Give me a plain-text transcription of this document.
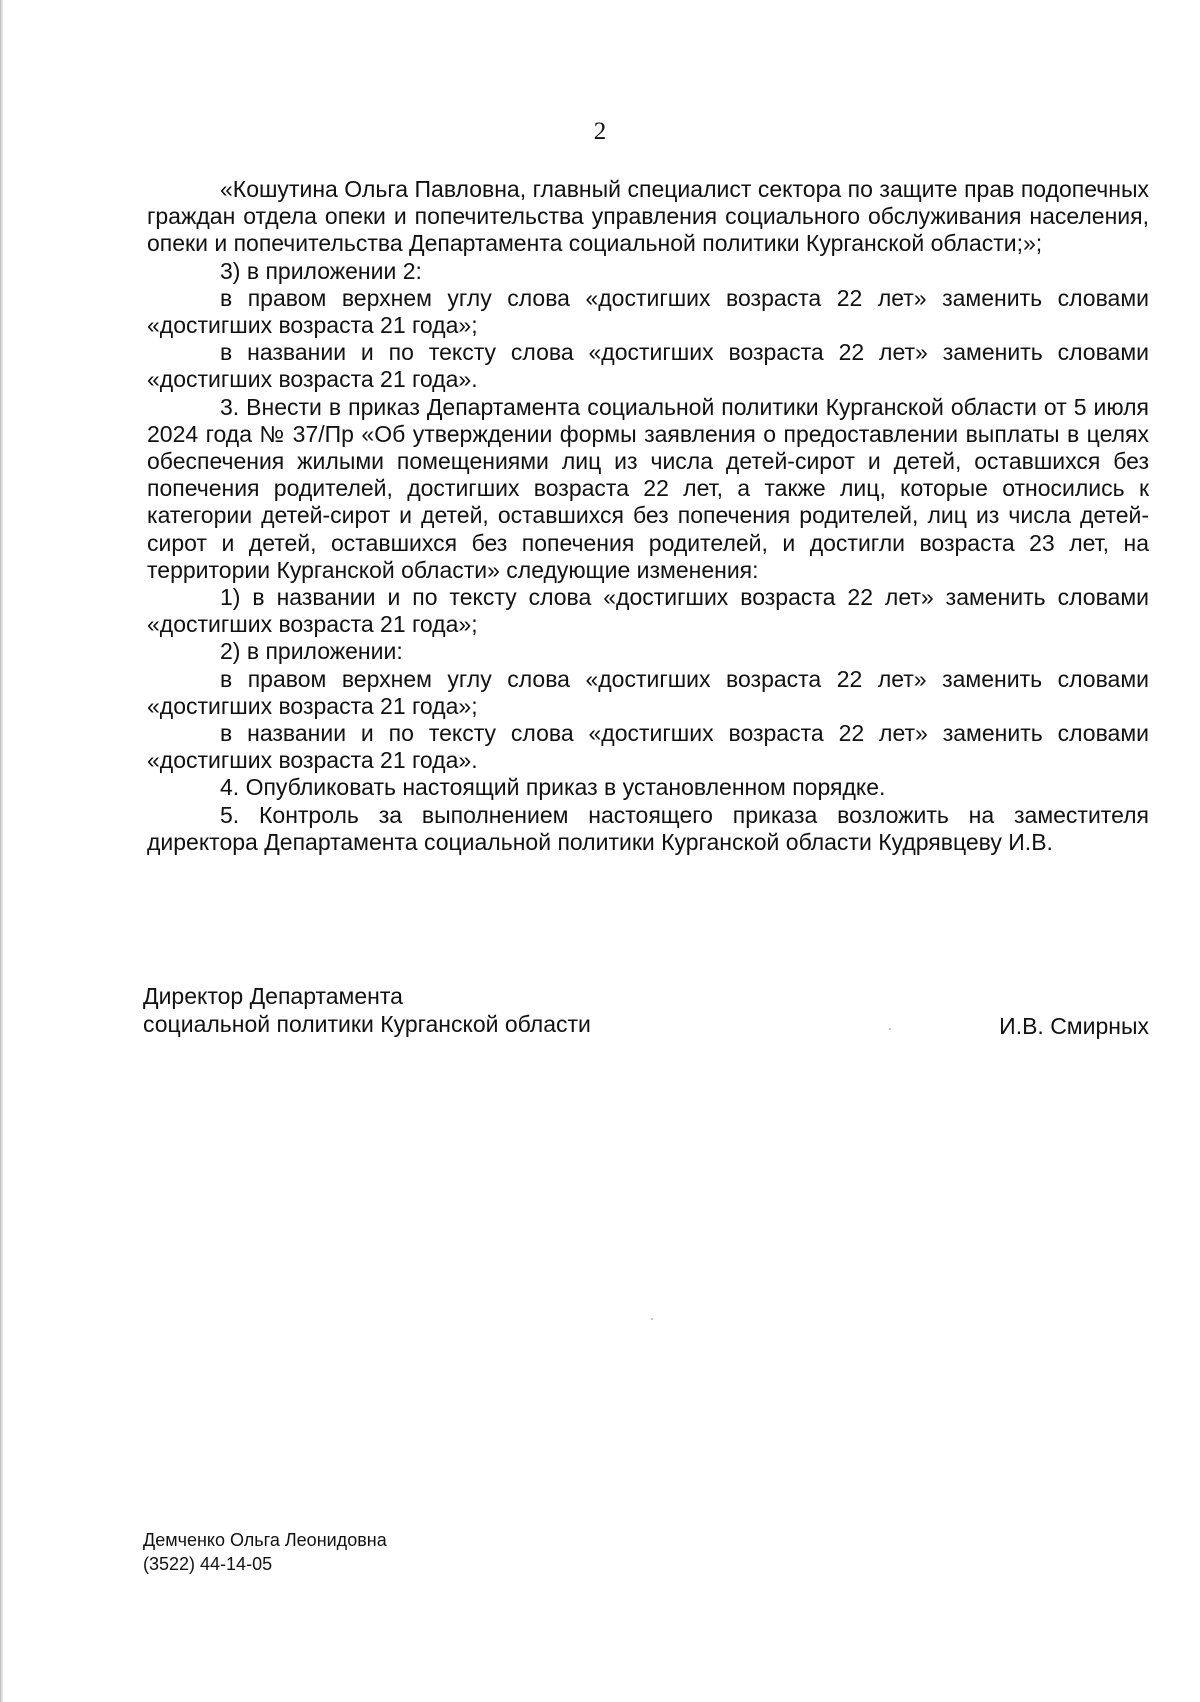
2

«Кошутина Ольга Павловна, главный специалист сектора по защите прав подопечных граждан отдела опеки и попечительства управления социального обслуживания населения, опеки и попечительства Департамента социальной политики Курганской области;»;

3) в приложении 2:

в правом верхнем углу слова «достигших возраста 22 лет» заменить словами «достигших возраста 21 года»;

в названии и по тексту слова «достигших возраста 22 лет» заменить словами «достигших возраста 21 года».

3. Внести в приказ Департамента социальной политики Курганской области от 5 июля 2024 года № 37/Пр «Об утверждении формы заявления о предоставлении выплаты в целях обеспечения жилыми помещениями лиц из числа детей-сирот и детей, оставшихся без попечения родителей, достигших возраста 22 лет, а также лиц, которые относились к категории детей-сирот и детей, оставшихся без попечения родителей, лиц из числа детей-сирот и детей, оставшихся без попечения родителей, и достигли возраста 23 лет, на территории Курганской области» следующие изменения:

1) в названии и по тексту слова «достигших возраста 22 лет» заменить словами «достигших возраста 21 года»;

2) в приложении:

в правом верхнем углу слова «достигших возраста 22 лет» заменить словами «достигших возраста 21 года»;

в названии и по тексту слова «достигших возраста 22 лет» заменить словами «достигших возраста 21 года».

4. Опубликовать настоящий приказ в установленном порядке.

5. Контроль за выполнением настоящего приказа возложить на заместителя директора Департамента социальной политики Курганской области Кудрявцеву И.В.

Директор Департамента
социальной политики Курганской области	И.В. Смирных
Демченко Ольга Леонидовна
(3522) 44-14-05
